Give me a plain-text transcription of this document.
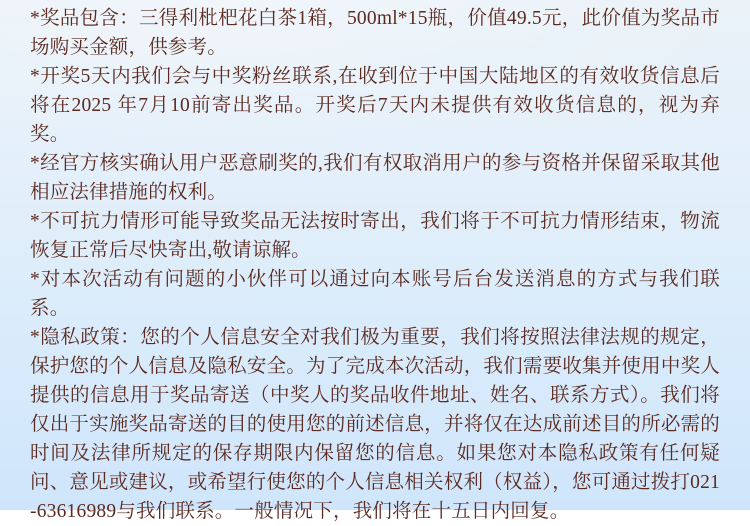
*奖品包含：三得利枇杷花白茶1箱，500ml*15瓶，价值49.5元，此价值为奖品市场购买金额，供参考。

*开奖5天内我们会与中奖粉丝联系,在收到位于中国大陆地区的有效收货信息后将在2025 年7月10前寄出奖品。开奖后7天内未提供有效收货信息的，视为弃奖。

*经官方核实确认用户恶意刷奖的,我们有权取消用户的参与资格并保留采取其他相应法律措施的权利。

*不可抗力情形可能导致奖品无法按时寄出，我们将于不可抗力情形结束，物流恢复正常后尽快寄出,敬请谅解。

*对本次活动有问题的小伙伴可以通过向本账号后台发送消息的方式与我们联系。

*隐私政策：您的个人信息安全对我们极为重要，我们将按照法律法规的规定，保护您的个人信息及隐私安全。为了完成本次活动，我们需要收集并使用中奖人提供的信息用于奖品寄送（中奖人的奖品收件地址、姓名、联系方式）。我们将仅出于实施奖品寄送的目的使用您的前述信息，并将仅在达成前述目的所必需的时间及法律所规定的保存期限内保留您的信息。如果您对本隐私政策有任何疑问、意见或建议，或希望行使您的个人信息相关权利（权益），您可通过拨打021-63616989与我们联系。一般情况下，我们将在十五日内回复。
